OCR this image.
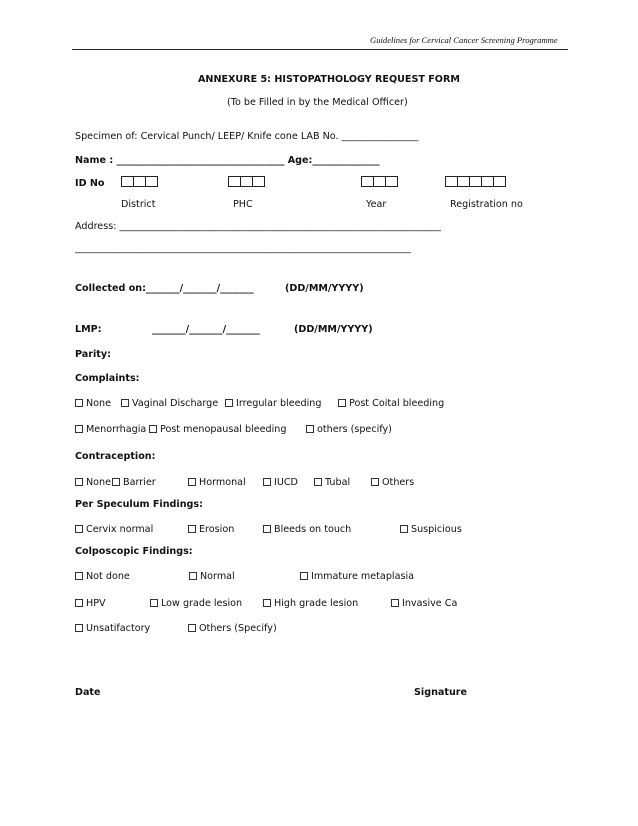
Guidelines for Cervical Cancer Screening Programme
ANNEXURE 5: HISTOPATHOLOGY REQUEST FORM
(To be Filled in by the Medical Officer)
Specimen of: Cervical Punch/ LEEP/ Knife cone LAB No. ________________
Name : ___________________________________ Age:______________
ID No
District	PHC	Year	Registration no
Address: ___________________________________________________________________
______________________________________________________________________
Collected on: _______/_______/_______	(DD/MM/YYYY)
LMP:	_______/_______/_______	(DD/MM/YYYY)
Parity:
Complaints:
None	Vaginal Discharge	Irregular bleeding	Post Coital bleeding
Menorrhagia	Post menopausal bleeding	others (specify)
Contraception:
None	Barrier	Hormonal	IUCD	Tubal	Others
Per Speculum Findings:
Cervix normal	Erosion	Bleeds on touch	Suspicious
Colposcopic Findings:
Not done	Normal	Immature metaplasia
HPV	Low grade lesion	High grade lesion	Invasive Ca
Unsatifactory	Others (Specify)
Date	Signature
